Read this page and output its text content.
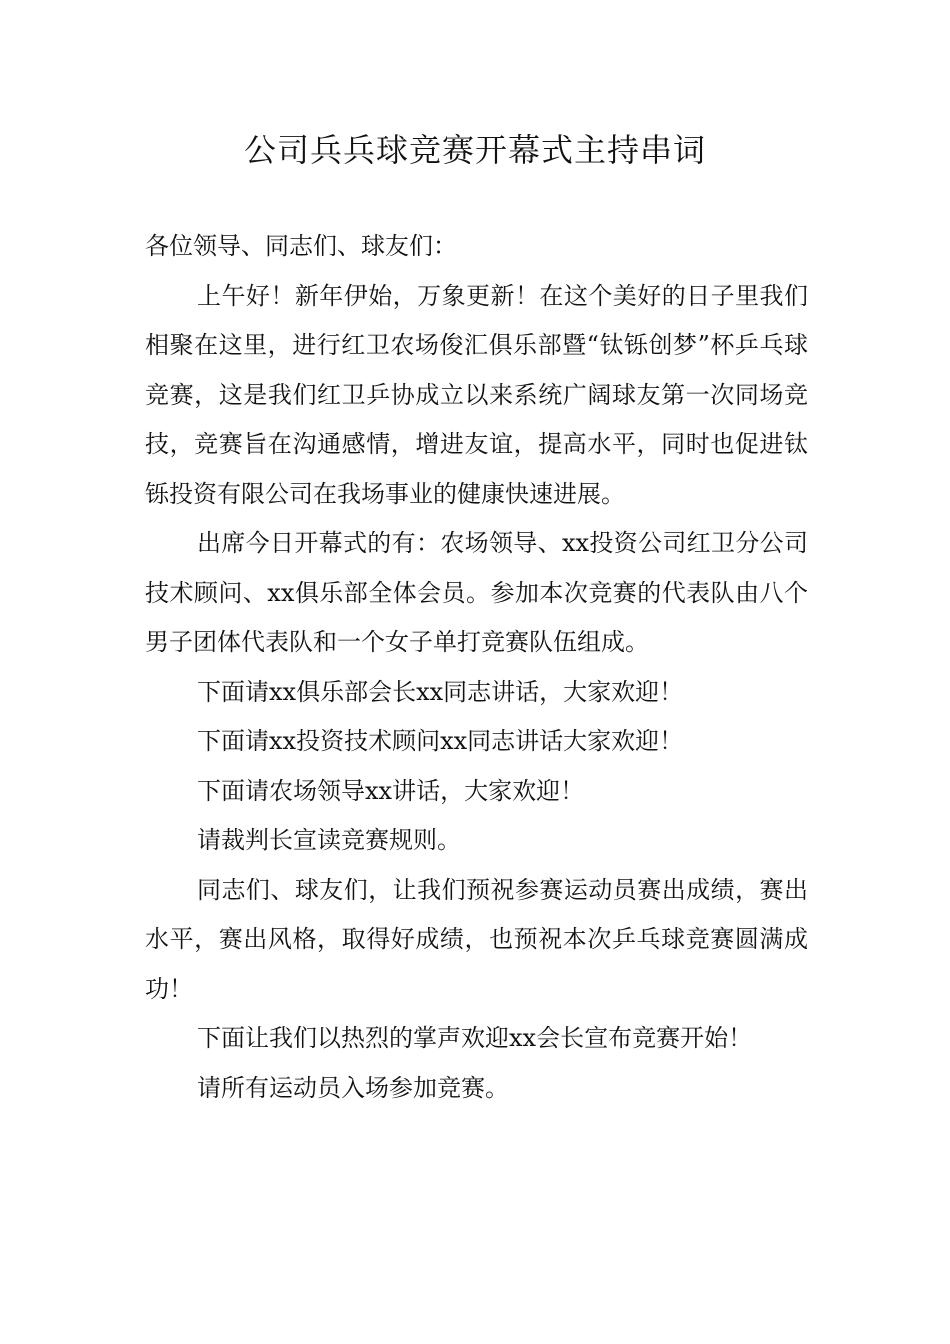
公司兵兵球竞赛开幕式主持串词

各位领导、同志们、球友们：

上午好！新年伊始，万象更新！在这个美好的日子里我们相聚在这里，进行红卫农场俊汇俱乐部暨“钛铄创梦”杯乒乓球竞赛，这是我们红卫乒协成立以来系统广阔球友第一次同场竞技，竞赛旨在沟通感情，增进友谊，提高水平，同时也促进钛铄投资有限公司在我场事业的健康快速进展。

出席今日开幕式的有：农场领导、xx投资公司红卫分公司技术顾问、xx俱乐部全体会员。参加本次竞赛的代表队由八个男子团体代表队和一个女子单打竞赛队伍组成。

下面请xx俱乐部会长xx同志讲话，大家欢迎！

下面请xx投资技术顾问xx同志讲话大家欢迎！

下面请农场领导xx讲话，大家欢迎！

请裁判长宣读竞赛规则。

同志们、球友们，让我们预祝参赛运动员赛出成绩，赛出水平，赛出风格，取得好成绩，也预祝本次乒乓球竞赛圆满成功！

下面让我们以热烈的掌声欢迎xx会长宣布竞赛开始！

请所有运动员入场参加竞赛。
